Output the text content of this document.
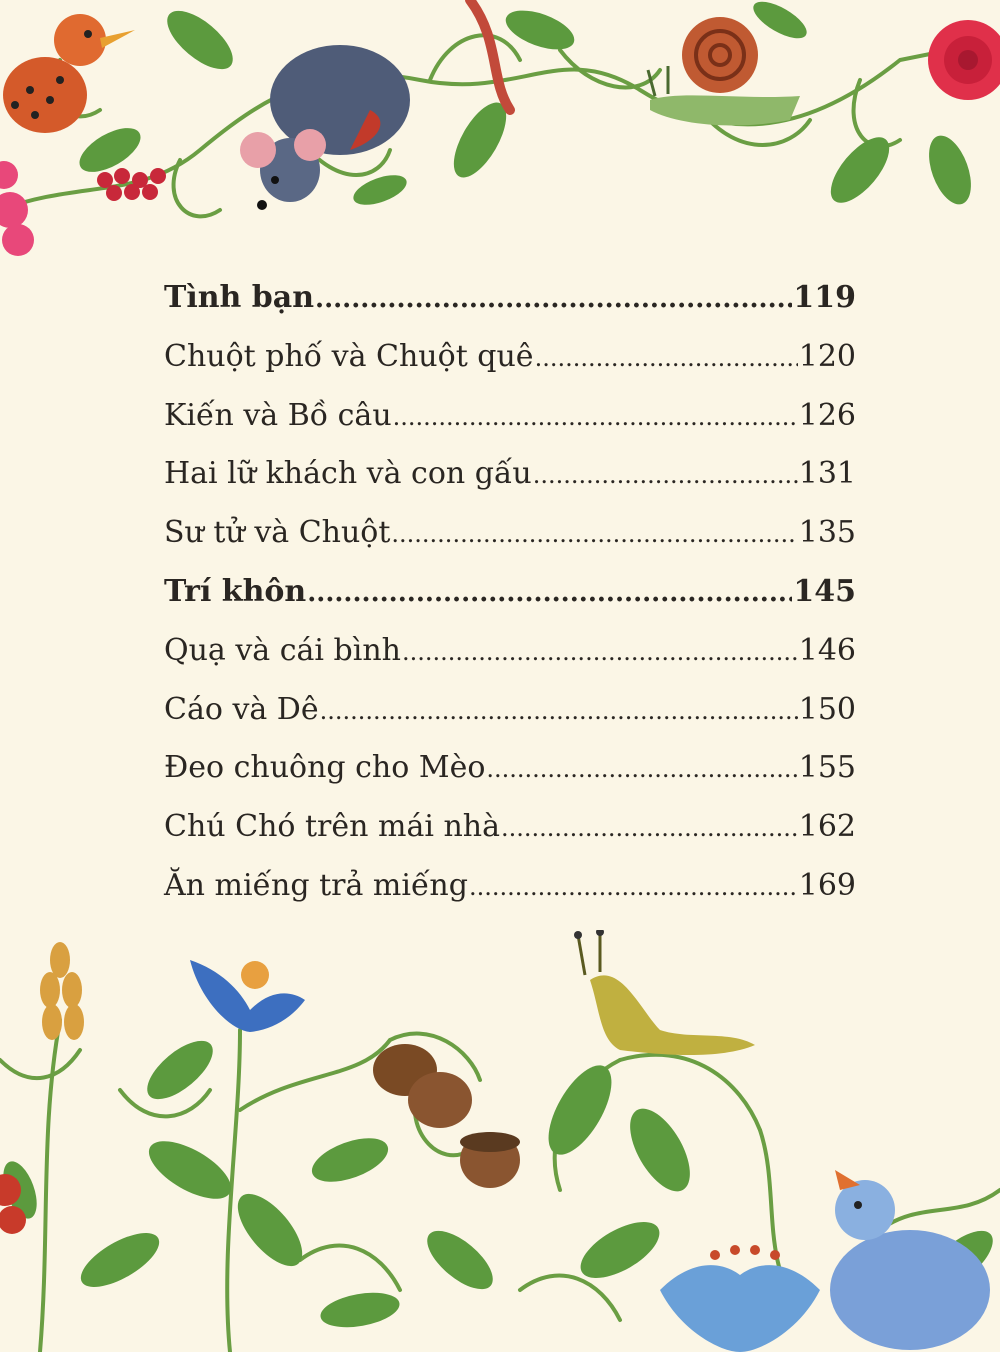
Tình bạn .....	119
Chuột phố và Chuột quê .....	120
Kiến và Bồ câu .....	126
Hai lữ khách và con gấu .....	131
Sư tử và Chuột .....	135
Trí khôn .....	145
Quạ và cái bình .....	146
Cáo và Dê .....	150
Đeo chuông cho Mèo .....	155
Chú Chó trên mái nhà .....	162
Ăn miếng trả miếng .....	169
